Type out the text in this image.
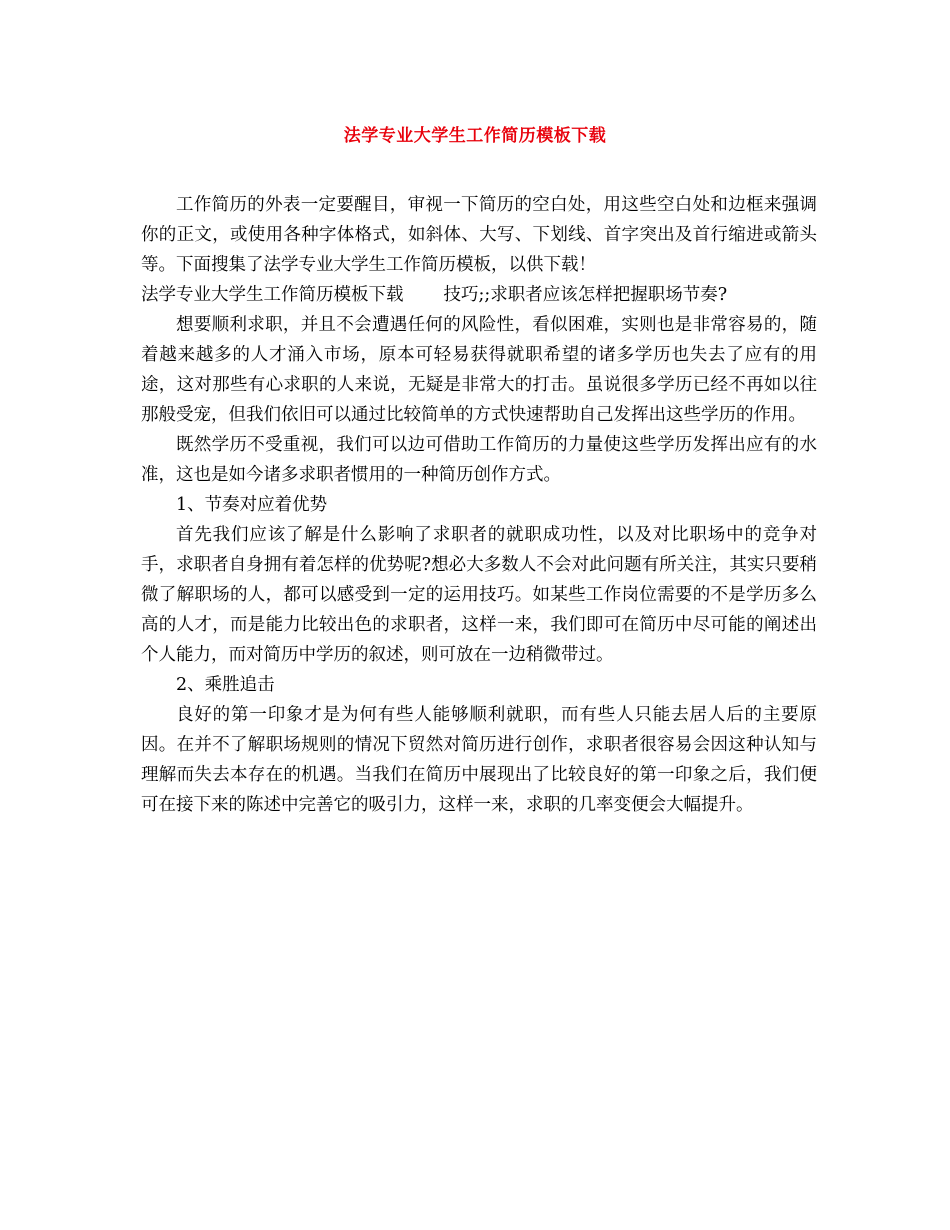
法学专业大学生工作简历模板下载

工作简历的外表一定要醒目，审视一下简历的空白处，用这些空白处和边框来强调你的正文，或使用各种字体格式，如斜体、大写、下划线、首字突出及首行缩进或箭头等。下面搜集了法学专业大学生工作简历模板，以供下载！

法学专业大学生工作简历模板下载 技巧;;求职者应该怎样把握职场节奏?

想要顺利求职，并且不会遭遇任何的风险性，看似困难，实则也是非常容易的，随着越来越多的人才涌入市场，原本可轻易获得就职希望的诸多学历也失去了应有的用途，这对那些有心求职的人来说，无疑是非常大的打击。虽说很多学历已经不再如以往那般受宠，但我们依旧可以通过比较简单的方式快速帮助自己发挥出这些学历的作用。

既然学历不受重视，我们可以边可借助工作简历的力量使这些学历发挥出应有的水准，这也是如今诸多求职者惯用的一种简历创作方式。

1、节奏对应着优势

首先我们应该了解是什么影响了求职者的就职成功性，以及对比职场中的竞争对手，求职者自身拥有着怎样的优势呢?想必大多数人不会对此问题有所关注，其实只要稍微了解职场的人，都可以感受到一定的运用技巧。如某些工作岗位需要的不是学历多么高的人才，而是能力比较出色的求职者，这样一来，我们即可在简历中尽可能的阐述出个人能力，而对简历中学历的叙述，则可放在一边稍微带过。

2、乘胜追击

良好的第一印象才是为何有些人能够顺利就职，而有些人只能去居人后的主要原因。在并不了解职场规则的情况下贸然对简历进行创作，求职者很容易会因这种认知与理解而失去本存在的机遇。当我们在简历中展现出了比较良好的第一印象之后，我们便可在接下来的陈述中完善它的吸引力，这样一来，求职的几率变便会大幅提升。
